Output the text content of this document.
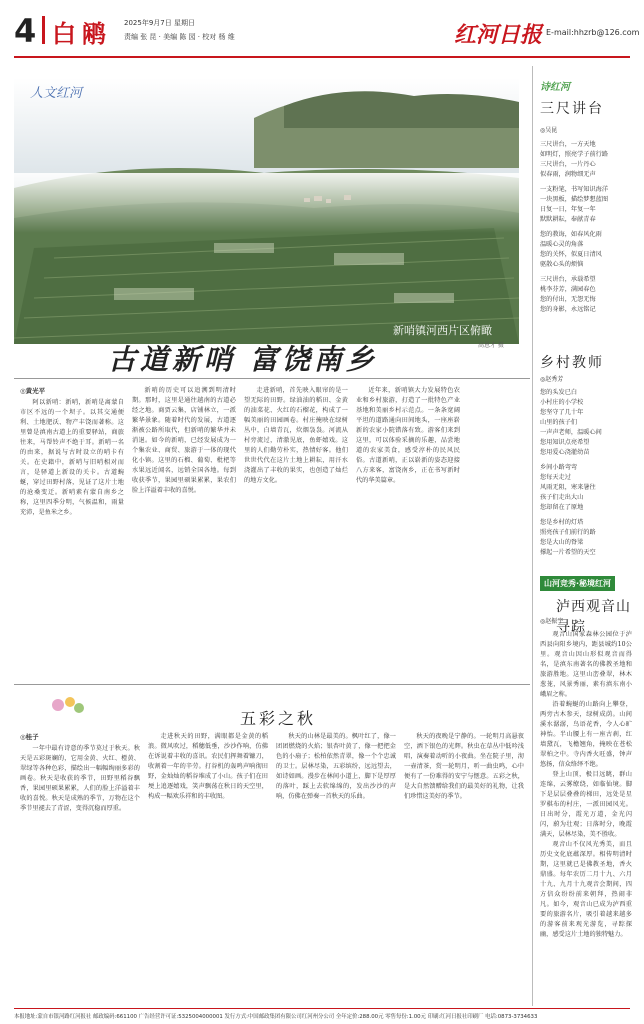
4 白鹇 2025年9月7日 星期日
责编 张 昆 · 美编 陈 园 · 校对 杨 维	红河日报 E-mail:hhzrb@126.com
人文红河
新哨镇河西片区俯瞰
高恩才 摄
古道新哨 富饶南乡
◎黄光平

阿以新哨：新哨，新哨是离蒙自市区不远的一个坝子。以其交通便利、土地肥沃、物产丰饶而著称。这里曾是滇南古道上的重要驿站，商旅往来，马帮铃声不绝于耳。新哨一名的由来，据说与古时设立的哨卡有关。在史籍中，新哨与旧哨相对而言，是驿道上新设的关卡。古道蜿蜒，穿过田野村落，见证了这片土地的沧桑变迁。新哨素有蒙自南乡之称，这里四季分明，气候温和，雨量充沛，是鱼米之乡。

新哨的历史可以追溯到明清时期。那时，这里是通往越南的古道必经之地。商贾云集，店铺林立，一派繁华景象。随着时代的发展，古道逐渐被公路所取代，但新哨的繁华并未消退。如今的新哨，已经发展成为一个集农业、商贸、旅游于一体的现代化小镇。这里的石榴、葡萄、枇杷等水果远近闻名，远销全国各地。每到收获季节，果园里硕果累累，果农们脸上洋溢着丰收的喜悦。

走进新哨，首先映入眼帘的是一望无际的田野。绿油油的稻田、金黄的油菜花、火红的石榴花，构成了一幅美丽的田园画卷。村庄掩映在绿树丛中，白墙青瓦，炊烟袅袅。河流从村旁流过，清澈见底，鱼虾嬉戏。这里的人们勤劳朴实，热情好客。他们世世代代在这片土地上耕耘，用汗水浇灌出了丰收的果实，也创造了灿烂的地方文化。

近年来，新哨镇大力发展特色农业和乡村旅游，打造了一批特色产业基地和美丽乡村示范点。一条条宽阔平坦的道路通向田间地头，一座座崭新的农家小院错落有致。游客们来到这里，可以体验采摘的乐趣，品尝地道的农家美食，感受淳朴的民风民俗。古道新哨，正以崭新的姿态迎接八方来客，富饶南乡，正在书写新时代的华美篇章。

五彩之秋
◎桂子

一年中最有诗意的季节莫过于秋天。秋天是五彩斑斓的，它用金黄、火红、橙黄、翠绿等各种色彩，描绘出一幅幅绚丽多彩的画卷。秋天是收获的季节，田野里稻谷飘香，果园里硕果累累，人们的脸上洋溢着丰收的喜悦。秋天是成熟的季节，万物在这个季节里褪去了青涩，变得沉稳而厚重。

走进秋天的田野，满眼都是金黄的稻浪。微风吹过，稻穗低垂，沙沙作响，仿佛在诉说着丰收的喜讯。农民们挥舞着镰刀，收割着一年的辛劳。打谷机的轰鸣声响彻田野，金灿灿的稻谷堆成了小山。孩子们在田埂上追逐嬉戏，笑声飘荡在秋日的天空里，构成一幅欢乐祥和的丰收图。

秋天的山林是最美的。枫叶红了，像一团团燃烧的火焰；银杏叶黄了，像一把把金色的小扇子；松柏依然青翠，像一个个忠诚的卫士。层林尽染，五彩缤纷，远远望去，如诗如画。漫步在林间小道上，脚下是厚厚的落叶，踩上去软绵绵的，发出沙沙的声响，仿佛在弹奏一首秋天的乐曲。

秋天的夜晚是宁静的。一轮明月高悬夜空，洒下银色的光辉。秋虫在草丛中低吟浅唱，演奏着动听的小夜曲。坐在院子里，沏一壶清茶，赏一轮明月，听一曲虫鸣，心中便有了一份难得的安宁与惬意。五彩之秋，是大自然馈赠给我们的最美好的礼物，让我们珍惜这美好的季节。

诗红河
三尺讲台
◎吴昆
三尺讲台，一方天地
如明灯，照亮学子前行路
三尺讲台，一片丹心
似春雨，润物细无声
一支粉笔，书写知识海洋
一块黑板，描绘梦想蓝图
日复一日，年复一年
默默耕耘，奉献青春
您的教诲，如春风化雨
温暖心灵的角落
您的关怀，似夏日清风
驱散心头的烦恼
三尺讲台，承载希望
桃李芬芳，满园春色
您的付出，无怨无悔
您的身影，永远铭记
乡村教师
◎赵秀芳
您的头发已白
小村庄的小学校
您坚守了几十年
山里的孩子们
一声声老师，温暖心间
您用知识点亮希望
您用爱心浇灌幼苗
乡间小路弯弯
您每天走过
风雨无阻，寒来暑往
孩子们走出大山
您却留在了原地
您是乡村的灯塔
照亮孩子们前行的路
您是大山的脊梁
撑起一片希望的天空
山河竞秀·秘境红河
泸西观音山寻踪
◎赵振宇

观音山国家森林公园位于泸西县向阳乡境内，距县城约10公里。观音山因山形似观音而得名，是滇东南著名的佛教圣地和旅游胜地。这里山峦叠翠，林木葱茏，风景秀丽，素有滇东南小峨眉之称。

沿着蜿蜒的山路向上攀登，两旁古木参天，绿树成荫。山间溪水潺潺，鸟语花香，令人心旷神怡。半山腰上有一座古刹，红墙黛瓦，飞檐翘角，掩映在苍松翠柏之中。寺内香火旺盛，钟声悠扬，信众络绎不绝。

登上山顶，极目远眺，群山连绵，云雾缭绕，如临仙境。脚下是层层叠叠的梯田，远处是星罗棋布的村庄，一派田园风光。日出时分，霞光万道，金光闪闪，蔚为壮观；日落时分，晚霞满天，层林尽染，美不胜收。

观音山不仅风光秀美，而且历史文化底蕴深厚。相传明清时期，这里就已是佛教圣地，香火鼎盛。每年农历二月十九、六月十九、九月十九观音会期间，四方信众纷纷前来朝拜，热闹非凡。如今，观音山已成为泸西重要的旅游名片，吸引着越来越多的游客前来观光游览，寻踪探幽，感受这片土地的独特魅力。

本报地址:蒙自市银河路红河报社 邮政编码:661100 广告经营许可证:5325004000001 发行方式:中国邮政集团有限公司红河州分公司 全年定价:288.00元 零售每份:1.00元 印刷:红河日报社印刷厂 电话:0873-3734633
